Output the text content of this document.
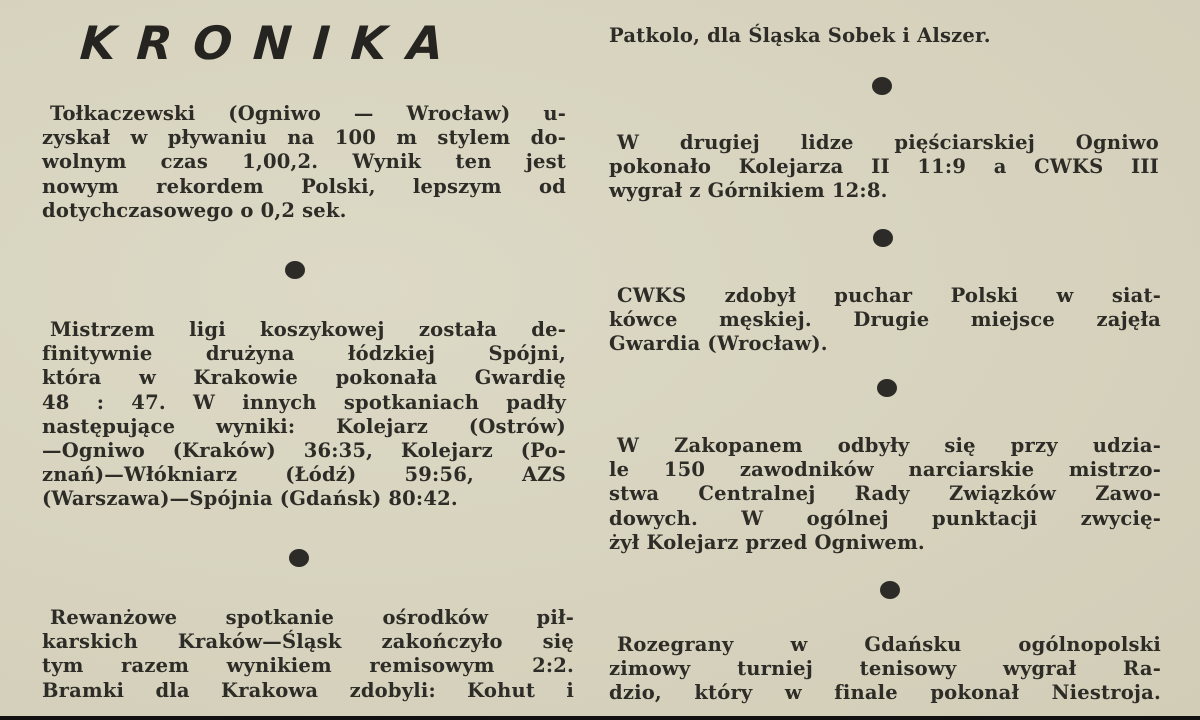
KRONIKA
Tołkaczewski (Ogniwo — Wrocław) u-
zyskał w pływaniu na 100 m stylem do-
wolnym czas 1,00,2. Wynik ten jest
nowym rekordem Polski, lepszym od
dotychczasowego o 0,2 sek.
Mistrzem ligi koszykowej została de-
finitywnie drużyna łódzkiej Spójni,
która w Krakowie pokonała Gwardię
48 : 47. W innych spotkaniach padły
następujące wyniki: Kolejarz (Ostrów)
—Ogniwo (Kraków) 36:35, Kolejarz (Po-
znań)—Włókniarz (Łódź) 59:56, AZS
(Warszawa)—Spójnia (Gdańsk) 80:42.
Rewanżowe spotkanie ośrodków pił-
karskich Kraków—Śląsk zakończyło się
tym razem wynikiem remisowym 2:2.
Bramki dla Krakowa zdobyli: Kohut i
Patkolo, dla Śląska Sobek i Alszer.
W drugiej lidze pięściarskiej Ogniwo
pokonało Kolejarza II 11:9 a CWKS III
wygrał z Górnikiem 12:8.
CWKS zdobył puchar Polski w siat-
kówce męskiej. Drugie miejsce zajęła
Gwardia (Wrocław).
W Zakopanem odbyły się przy udzia-
le 150 zawodników narciarskie mistrzo-
stwa Centralnej Rady Związków Zawo-
dowych. W ogólnej punktacji zwycię-
żył Kolejarz przed Ogniwem.
Rozegrany w Gdańsku ogólnopolski
zimowy turniej tenisowy wygrał Ra-
dzio, który w finale pokonał Niestroja.
